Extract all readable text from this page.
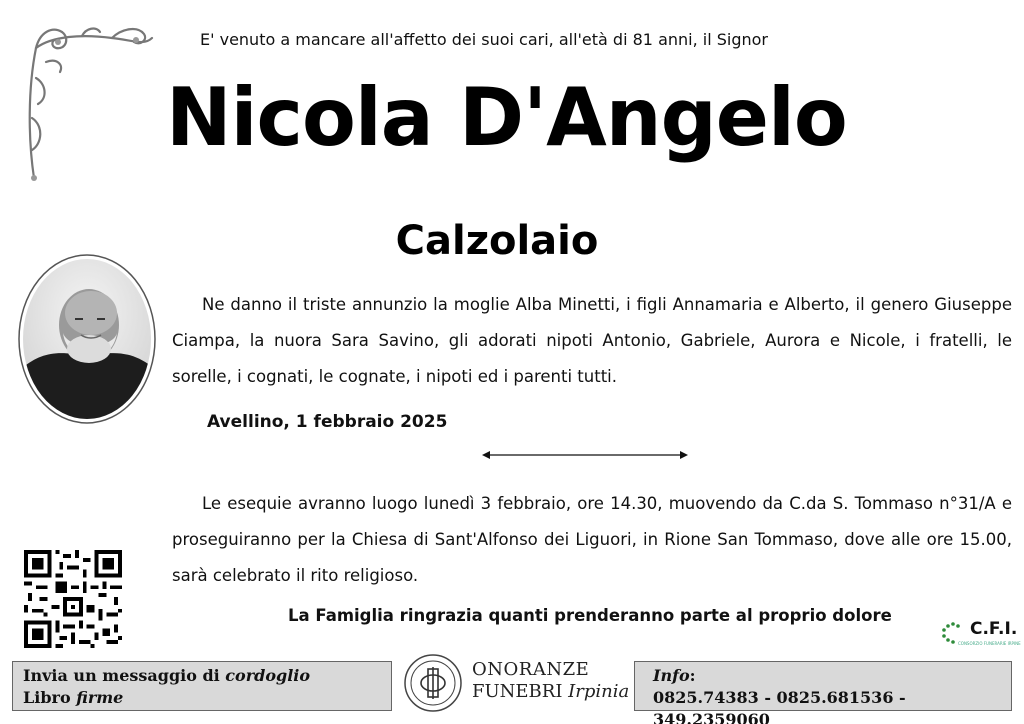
E' venuto a mancare all'affetto dei suoi cari, all'età di 81 anni, il Signor
Nicola D'Angelo
Calzolaio
Ne danno il triste annunzio la moglie Alba Minetti, i figli Annamaria e Alberto, il genero Giuseppe Ciampa, la nuora Sara Savino, gli adorati nipoti Antonio, Gabriele, Aurora e Nicole, i fratelli, le sorelle, i cognati, le cognate, i nipoti ed i parenti tutti.
Avellino, 1 febbraio 2025
Le esequie avranno luogo lunedì 3 febbraio, ore 14.30, muovendo da C.da S. Tommaso n°31/A e proseguiranno per la Chiesa di Sant'Alfonso dei Liguori, in Rione San Tommaso, dove alle ore 15.00, sarà celebrato il rito religioso.
La Famiglia ringrazia quanti prenderanno parte al proprio dolore
C.F.I.
CONSORZIO FUNERARIE IRPINE
Invia un messaggio di cordoglio
Libro firme
ONORANZE
FUNEBRI Irpinia
Info:
0825.74383 - 0825.681536 - 349.2359060
